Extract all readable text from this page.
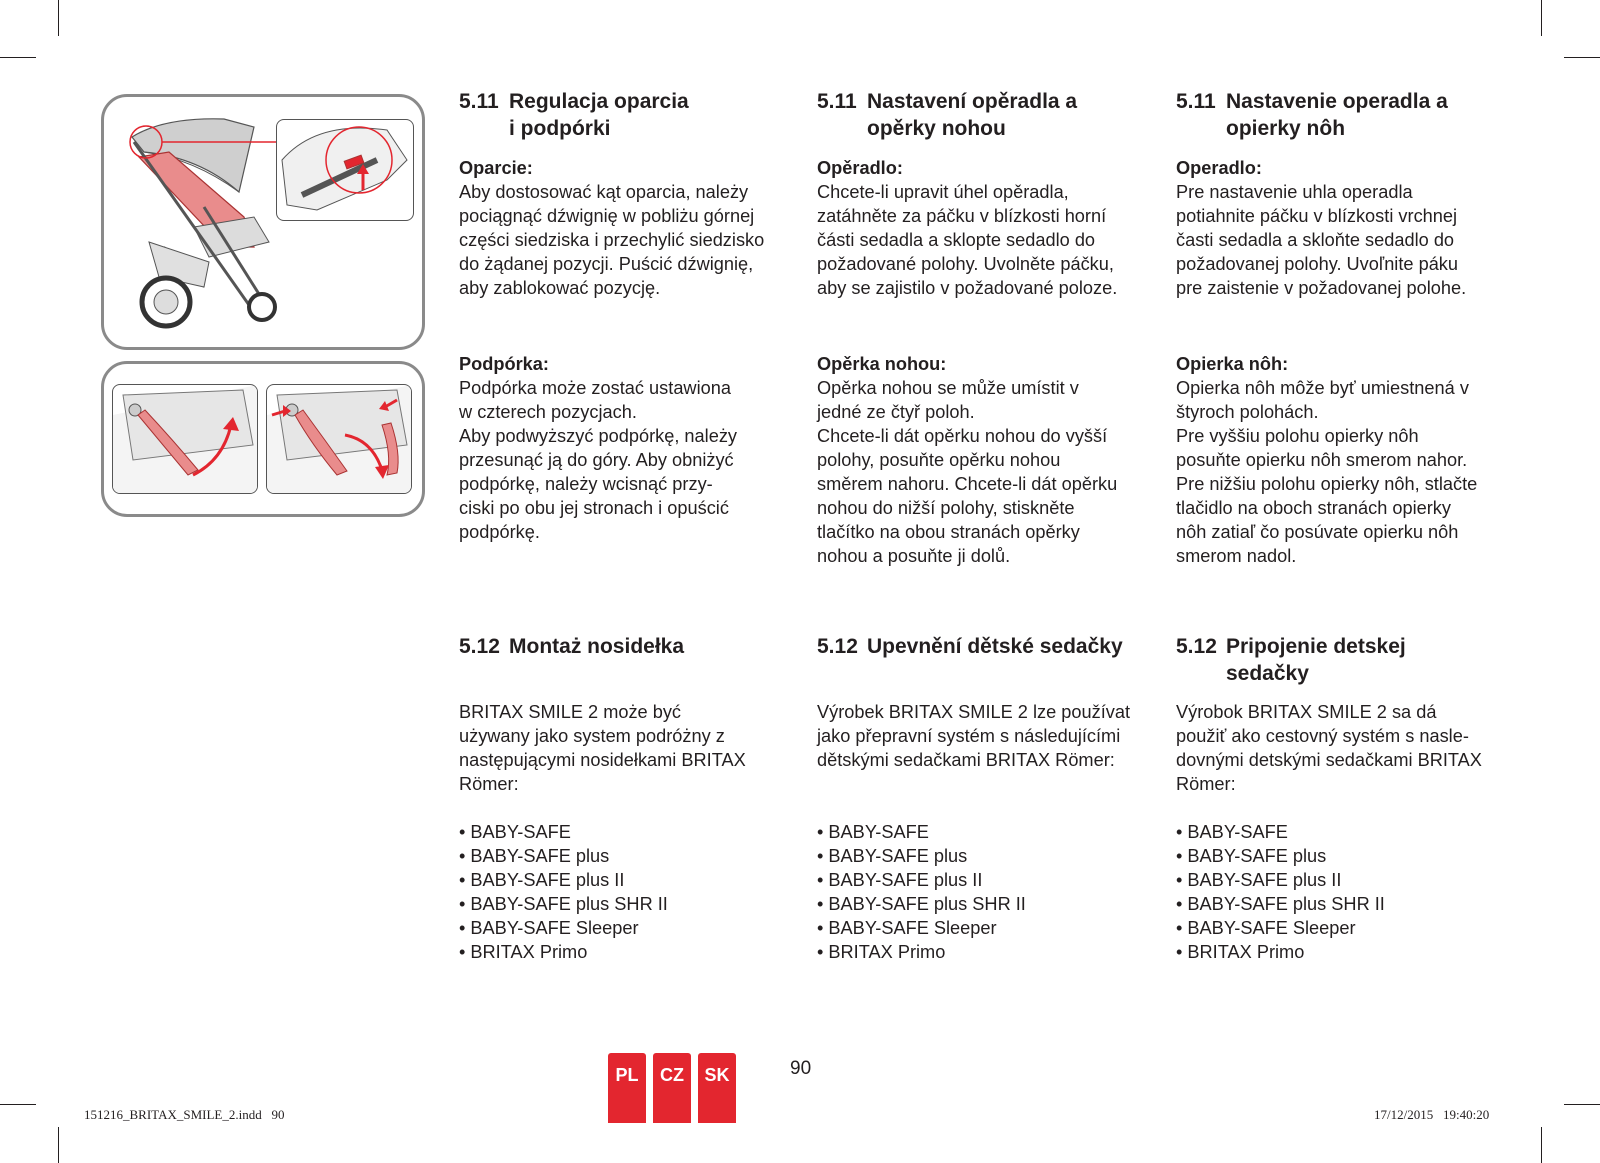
5.11 Regulacja oparcia
i podpórki

Oparcie:

Aby dostosować kąt oparcia, należy
pociągnąć dźwignię w pobliżu górnej
części siedziska i przechylić siedzisko
do żądanej pozycji. Puścić dźwignię,
aby zablokować pozycję.

Podpórka:

Podpórka może zostać ustawiona
w czterech pozycjach.
Aby podwyższyć podpórkę, należy
przesunąć ją do góry. Aby obniżyć
podpórkę, należy wcisnąć przy-
ciski po obu jej stronach i opuścić
podpórkę.

5.12 Montaż nosidełka

BRITAX SMILE 2 może być
używany jako system podróżny z
następującymi nosidełkami BRITAX
Römer:

• BABY-SAFE
• BABY-SAFE plus
• BABY-SAFE plus II
• BABY-SAFE plus SHR II
• BABY-SAFE Sleeper
• BRITAX Primo
5.11 Nastavení opěradla a
opěrky nohou

Opěradlo:

Chcete-li upravit úhel opěradla,
zatáhněte za páčku v blízkosti horní
části sedadla a sklopte sedadlo do
požadované polohy. Uvolněte páčku,
aby se zajistilo v požadované poloze.

Opěrka nohou:

Opěrka nohou se může umístit v
jedné ze čtyř poloh.
Chcete-li dát opěrku nohou do vyšší
polohy, posuňte opěrku nohou
směrem nahoru. Chcete-li dát opěrku
nohou do nižší polohy, stiskněte
tlačítko na obou stranách opěrky
nohou a posuňte ji dolů.

5.12 Upevnění dětské sedačky

Výrobek BRITAX SMILE 2 lze používat
jako přepravní systém s následujícími
dětskými sedačkami BRITAX Römer:

• BABY-SAFE
• BABY-SAFE plus
• BABY-SAFE plus II
• BABY-SAFE plus SHR II
• BABY-SAFE Sleeper
• BRITAX Primo
5.11 Nastavenie operadla a
opierky nôh

Operadlo:

Pre nastavenie uhla operadla
potiahnite páčku v blízkosti vrchnej
časti sedadla a skloňte sedadlo do
požadovanej polohy. Uvoľnite páku
pre zaistenie v požadovanej polohe.

Opierka nôh:

Opierka nôh môže byť umiestnená v
štyroch polohách.
Pre vyššiu polohu opierky nôh
posuňte opierku nôh smerom nahor.
Pre nižšiu polohu opierky nôh, stlačte
tlačidlo na oboch stranách opierky
nôh zatiaľ čo posúvate opierku nôh
smerom nadol.

5.12 Pripojenie detskej
sedačky

Výrobok BRITAX SMILE 2 sa dá
použiť ako cestovný systém s nasle-
dovnými detskými sedačkami BRITAX
Römer:

• BABY-SAFE
• BABY-SAFE plus
• BABY-SAFE plus II
• BABY-SAFE plus SHR II
• BABY-SAFE Sleeper
• BRITAX Primo
PL	CZ	SK	90
151216_BRITAX_SMILE_2.indd   90	17/12/2015   19:40:20
